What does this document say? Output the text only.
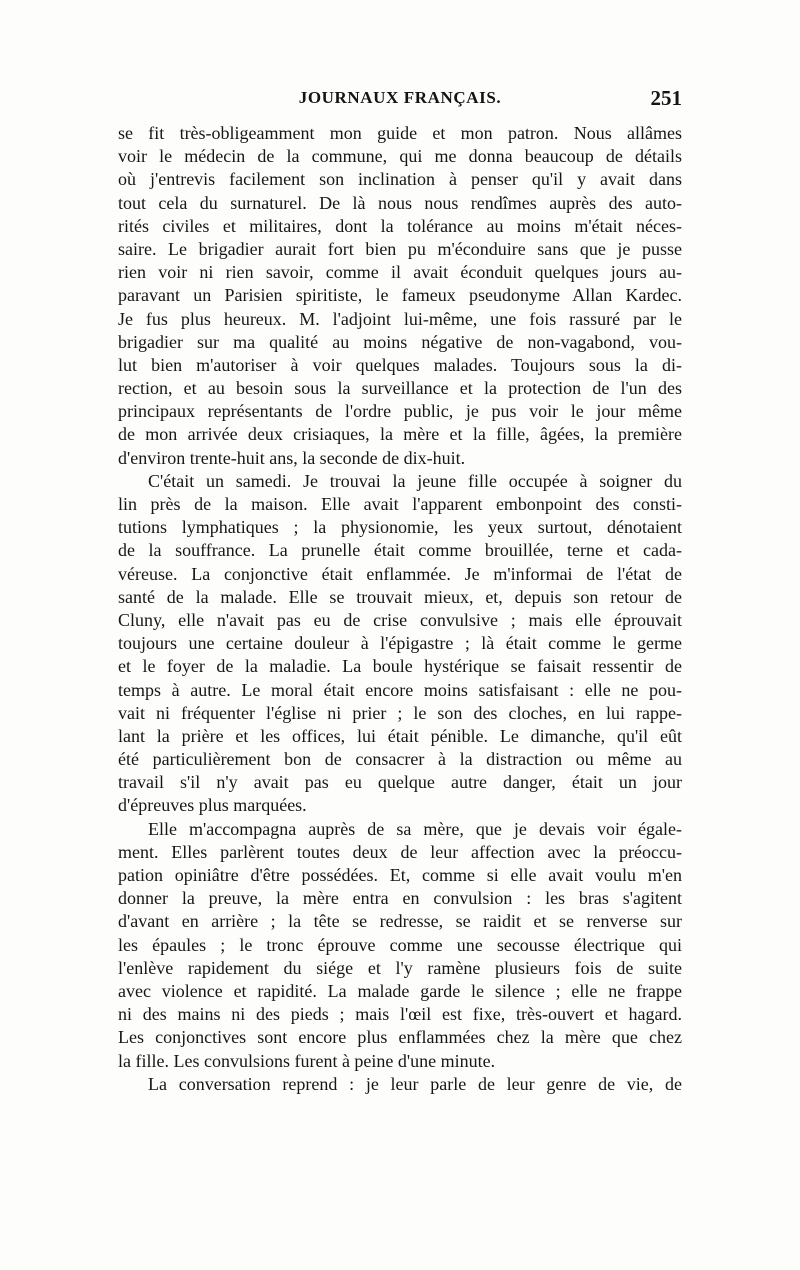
JOURNAUX FRANÇAIS.	251
se fit très-obligeamment mon guide et mon patron. Nous allâmes
voir le médecin de la commune, qui me donna beaucoup de détails
où j'entrevis facilement son inclination à penser qu'il y avait dans
tout cela du surnaturel. De là nous nous rendîmes auprès des auto-
rités civiles et militaires, dont la tolérance au moins m'était néces-
saire. Le brigadier aurait fort bien pu m'éconduire sans que je pusse
rien voir ni rien savoir, comme il avait éconduit quelques jours au-
paravant un Parisien spiritiste, le fameux pseudonyme Allan Kardec.
Je fus plus heureux. M. l'adjoint lui-même, une fois rassuré par le
brigadier sur ma qualité au moins négative de non-vagabond, vou-
lut bien m'autoriser à voir quelques malades. Toujours sous la di-
rection, et au besoin sous la surveillance et la protection de l'un des
principaux représentants de l'ordre public, je pus voir le jour même
de mon arrivée deux crisiaques, la mère et la fille, âgées, la première
d'environ trente-huit ans, la seconde de dix-huit.
C'était un samedi. Je trouvai la jeune fille occupée à soigner du
lin près de la maison. Elle avait l'apparent embonpoint des consti-
tutions lymphatiques ; la physionomie, les yeux surtout, dénotaient
de la souffrance. La prunelle était comme brouillée, terne et cada-
véreuse. La conjonctive était enflammée. Je m'informai de l'état de
santé de la malade. Elle se trouvait mieux, et, depuis son retour de
Cluny, elle n'avait pas eu de crise convulsive ; mais elle éprouvait
toujours une certaine douleur à l'épigastre ; là était comme le germe
et le foyer de la maladie. La boule hystérique se faisait ressentir de
temps à autre. Le moral était encore moins satisfaisant : elle ne pou-
vait ni fréquenter l'église ni prier ; le son des cloches, en lui rappe-
lant la prière et les offices, lui était pénible. Le dimanche, qu'il eût
été particulièrement bon de consacrer à la distraction ou même au
travail s'il n'y avait pas eu quelque autre danger, était un jour
d'épreuves plus marquées.
Elle m'accompagna auprès de sa mère, que je devais voir égale-
ment. Elles parlèrent toutes deux de leur affection avec la préoccu-
pation opiniâtre d'être possédées. Et, comme si elle avait voulu m'en
donner la preuve, la mère entra en convulsion : les bras s'agitent
d'avant en arrière ; la tête se redresse, se raidit et se renverse sur
les épaules ; le tronc éprouve comme une secousse électrique qui
l'enlève rapidement du siége et l'y ramène plusieurs fois de suite
avec violence et rapidité. La malade garde le silence ; elle ne frappe
ni des mains ni des pieds ; mais l'œil est fixe, très-ouvert et hagard.
Les conjonctives sont encore plus enflammées chez la mère que chez
la fille. Les convulsions furent à peine d'une minute.
La conversation reprend : je leur parle de leur genre de vie, de
